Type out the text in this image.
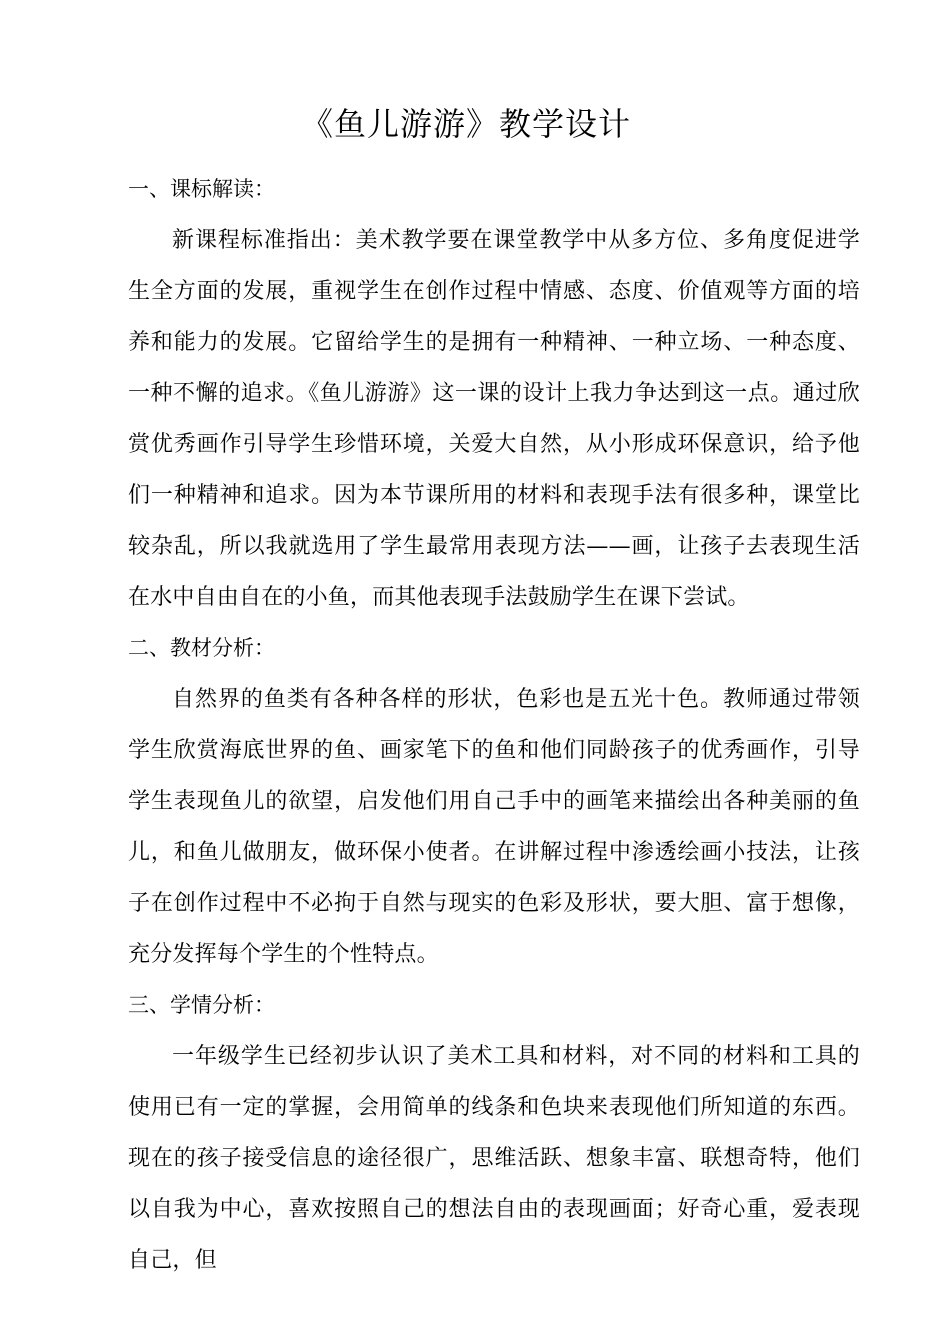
《鱼儿游游》教学设计

一、课标解读：

新课程标准指出：美术教学要在课堂教学中从多方位、多角度促进学生全方面的发展，重视学生在创作过程中情感、态度、价值观等方面的培养和能力的发展。它留给学生的是拥有一种精神、一种立场、一种态度、一种不懈的追求。《鱼儿游游》这一课的设计上我力争达到这一点。通过欣赏优秀画作引导学生珍惜环境，关爱大自然，从小形成环保意识，给予他们一种精神和追求。因为本节课所用的材料和表现手法有很多种，课堂比较杂乱，所以我就选用了学生最常用表现方法——画，让孩子去表现生活在水中自由自在的小鱼，而其他表现手法鼓励学生在课下尝试。

二、教材分析：

自然界的鱼类有各种各样的形状，色彩也是五光十色。教师通过带领学生欣赏海底世界的鱼、画家笔下的鱼和他们同龄孩子的优秀画作，引导学生表现鱼儿的欲望，启发他们用自己手中的画笔来描绘出各种美丽的鱼儿，和鱼儿做朋友，做环保小使者。在讲解过程中渗透绘画小技法，让孩子在创作过程中不必拘于自然与现实的色彩及形状，要大胆、富于想像，充分发挥每个学生的个性特点。

三、学情分析：

一年级学生已经初步认识了美术工具和材料，对不同的材料和工具的使用已有一定的掌握，会用简单的线条和色块来表现他们所知道的东西。现在的孩子接受信息的途径很广，思维活跃、想象丰富、联想奇特，他们以自我为中心，喜欢按照自己的想法自由的表现画面；好奇心重，爱表现自己，但
